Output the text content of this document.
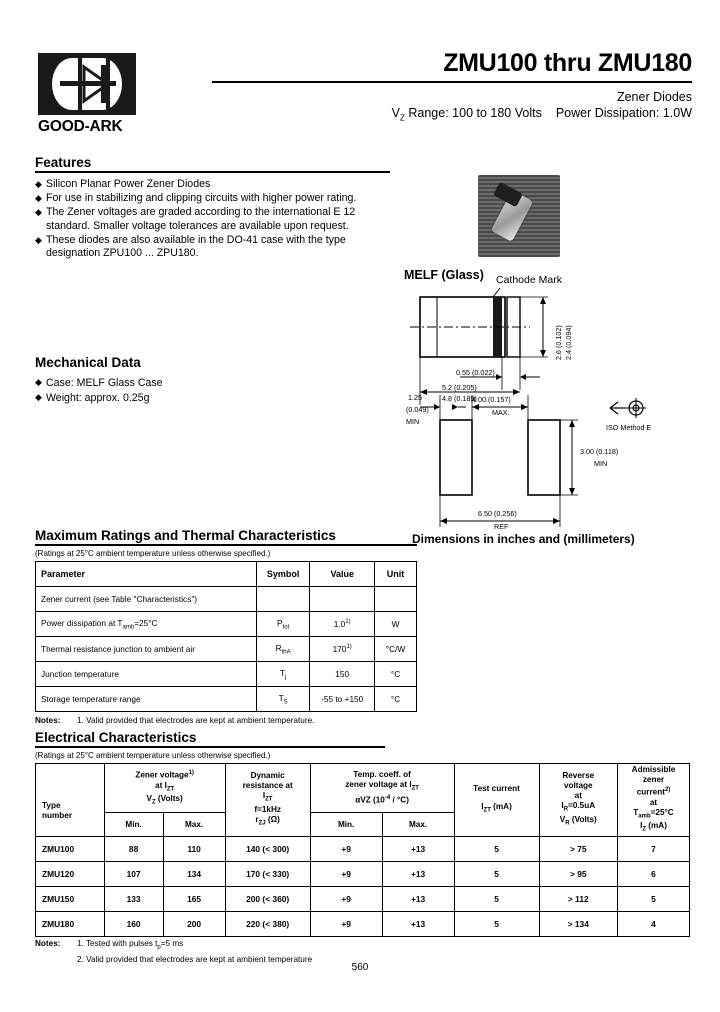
GOOD-ARK
ZMU100 thru ZMU180
Zener Diodes
$V_Z$ Range: 100 to 180 Volts Power Dissipation: 1.0W
Features
◆ Silicon Planar Power Zener Diodes
◆ For use in stabilizing and clipping circuits with higher power rating.
◆ The Zener voltages are graded according to the international E 12 standard. Smaller voltage tolerances are available upon request.
◆ These diodes are also available in the DO-41 case with the type designation ZPU100 ... ZPU180.
Mechanical Data
◆ Case: MELF Glass Case
◆ Weight: approx. 0.25g
MELF (Glass) Cathode Mark
2.6 (0.102) 2.4 (0.094)
0.55 (0.022)
5.2 (0.205)
4.8 (0.189)
4.00 (0.157)
MAX.
1.25
(0.049)
MIN
3.00 (0.118)
MIN
6.50 (0.256)
REF
ISO Method E
Dimensions in inches and (millimeters)
Maximum Ratings and Thermal Characteristics
(Ratings at 25°C ambient temperature unless otherwise specified.)
Parameter	Symbol	Value	Unit
Zener current (see Table "Characteristics")			
Power dissipation at $T_{amb}=25^\circ C$	$P_{tot}$	1.0$^{1)}$	W
Thermal resistance junction to ambient air	$R_{thA}$	170$^{1)}$	°C/W
Junction temperature	$T_j$	150	°C
Storage temperature range	$T_S$	-55 to +150	°C
Notes:	1. Valid provided that electrodes are kept at ambient temperature.
Electrical Characteristics
(Ratings at 25°C ambient temperature unless otherwise specified.)
Type
number

Zener voltage$^{1)}$
at $I_{ZT}$
$V_Z$ (Volts)

Dynamic
resistance at
$I_{ZT}$
f=1kHz
$r_{ZJ}$ (Ω)

Temp. coeff. of
zener voltage at $I_{ZT}$
αVZ $(10^{-4} / ^\circ C)$

Test current
$I_{ZT}$ (mA)

Reverse
voltage
at
$I_R=0.5uA$
$V_R$ (Volts)

Admissible
zener
current$^{2)}$
at
$T_{amb}=25^\circ C$
$I_Z$ (mA)

	Min.	Max.		Min.	Max.			
ZMU100	88	110	140 (< 300)	+9	+13	5	> 75	7
ZMU120	107	134	170 (< 330)	+9	+13	5	> 95	6
ZMU150	133	165	200 (< 360)	+9	+13	5	> 112	5
ZMU180	160	200	220 (< 380)	+9	+13	5	> 134	4
Notes:	1. Tested with pulses $t_p=5$ ms
2. Valid provided that electrodes are kept at ambient temperature
560
